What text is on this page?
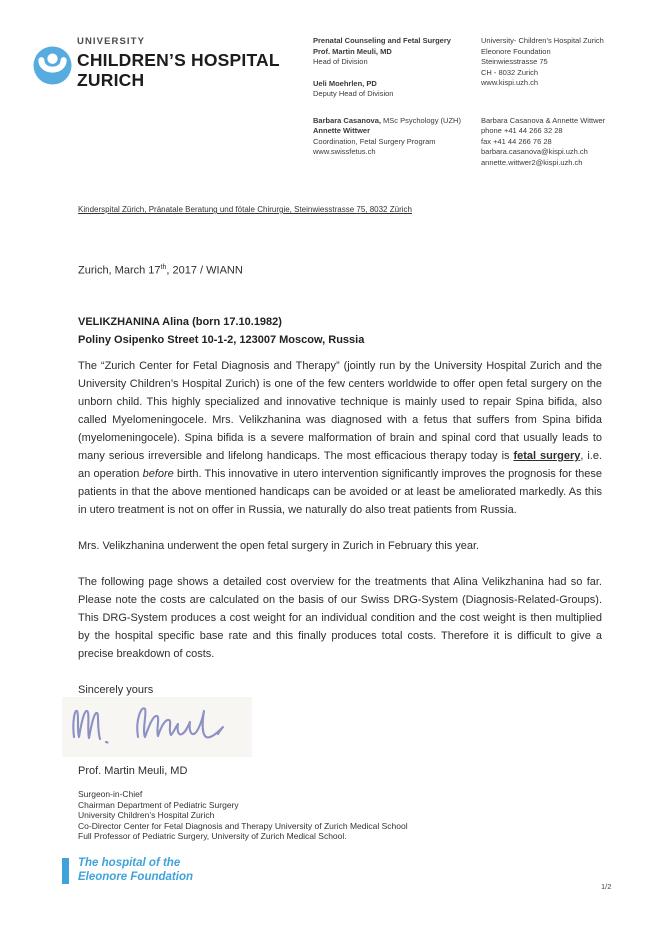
UNIVERSITY
CHILDREN’S HOSPITAL
ZURICH
Prenatal Counseling and Fetal Surgery
Prof. Martin Meuli, MD
Head of Division
Ueli Moehrlen, PD
Deputy Head of Division
Barbara Casanova, MSc Psychology (UZH)
Annette Wittwer
Coordination, Fetal Surgery Program
www.swissfetus.ch
University- Children’s Hospital Zurich
Eleonore Foundation
Steinwiesstrasse 75
CH - 8032 Zurich
www.kispi.uzh.ch
Barbara Casanova & Annette Wittwer
phone +41 44 266 32 28
fax +41 44 266 76 28
barbara.casanova@kispi.uzh.ch
annette.wittwer2@kispi.uzh.ch
Kinderspital Zürich, Pränatale Beratung und fötale Chirurgie, Steinwiesstrasse 75, 8032 Zürich
Zurich, March 17th, 2017 / WIANN
VELIKZHANINA Alina (born 17.10.1982)
Poliny Osipenko Street 10-1-2, 123007 Moscow, Russia

The “Zurich Center for Fetal Diagnosis and Therapy” (jointly run by the University Hospital Zurich and the University Children’s Hospital Zurich) is one of the few centers worldwide to offer open fetal surgery on the unborn child. This highly specialized and innovative technique is mainly used to repair Spina bifida, also called Myelomeningocele. Mrs. Velikzhanina was diagnosed with a fetus that suffers from Spina bifida (myelomeningocele). Spina bifida is a severe malformation of brain and spinal cord that usually leads to many serious irreversible and lifelong handicaps. The most efficacious therapy today is fetal surgery, i.e. an operation before birth. This innovative in utero intervention significantly improves the prognosis for these patients in that the above mentioned handicaps can be avoided or at least be ameliorated markedly. As this in utero treatment is not on offer in Russia, we naturally do also treat patients from Russia.

Mrs. Velikzhanina underwent the open fetal surgery in Zurich in February this year.

The following page shows a detailed cost overview for the treatments that Alina Velikzhanina had so far. Please note the costs are calculated on the basis of our Swiss DRG-System (Diagnosis-Related-Groups). This DRG-System produces a cost weight for an individual condition and the cost weight is then multiplied by the hospital specific base rate and this finally produces total costs. Therefore it is difficult to give a precise breakdown of costs.

Sincerely yours

Prof. Martin Meuli, MD
Surgeon-in-Chief
Chairman Department of Pediatric Surgery
University Children’s Hospital Zurich
Co-Director Center for Fetal Diagnosis and Therapy University of Zurich Medical School
Full Professor of Pediatric Surgery, University of Zurich Medical School.
The hospital of the
Eleonore Foundation
1/2
